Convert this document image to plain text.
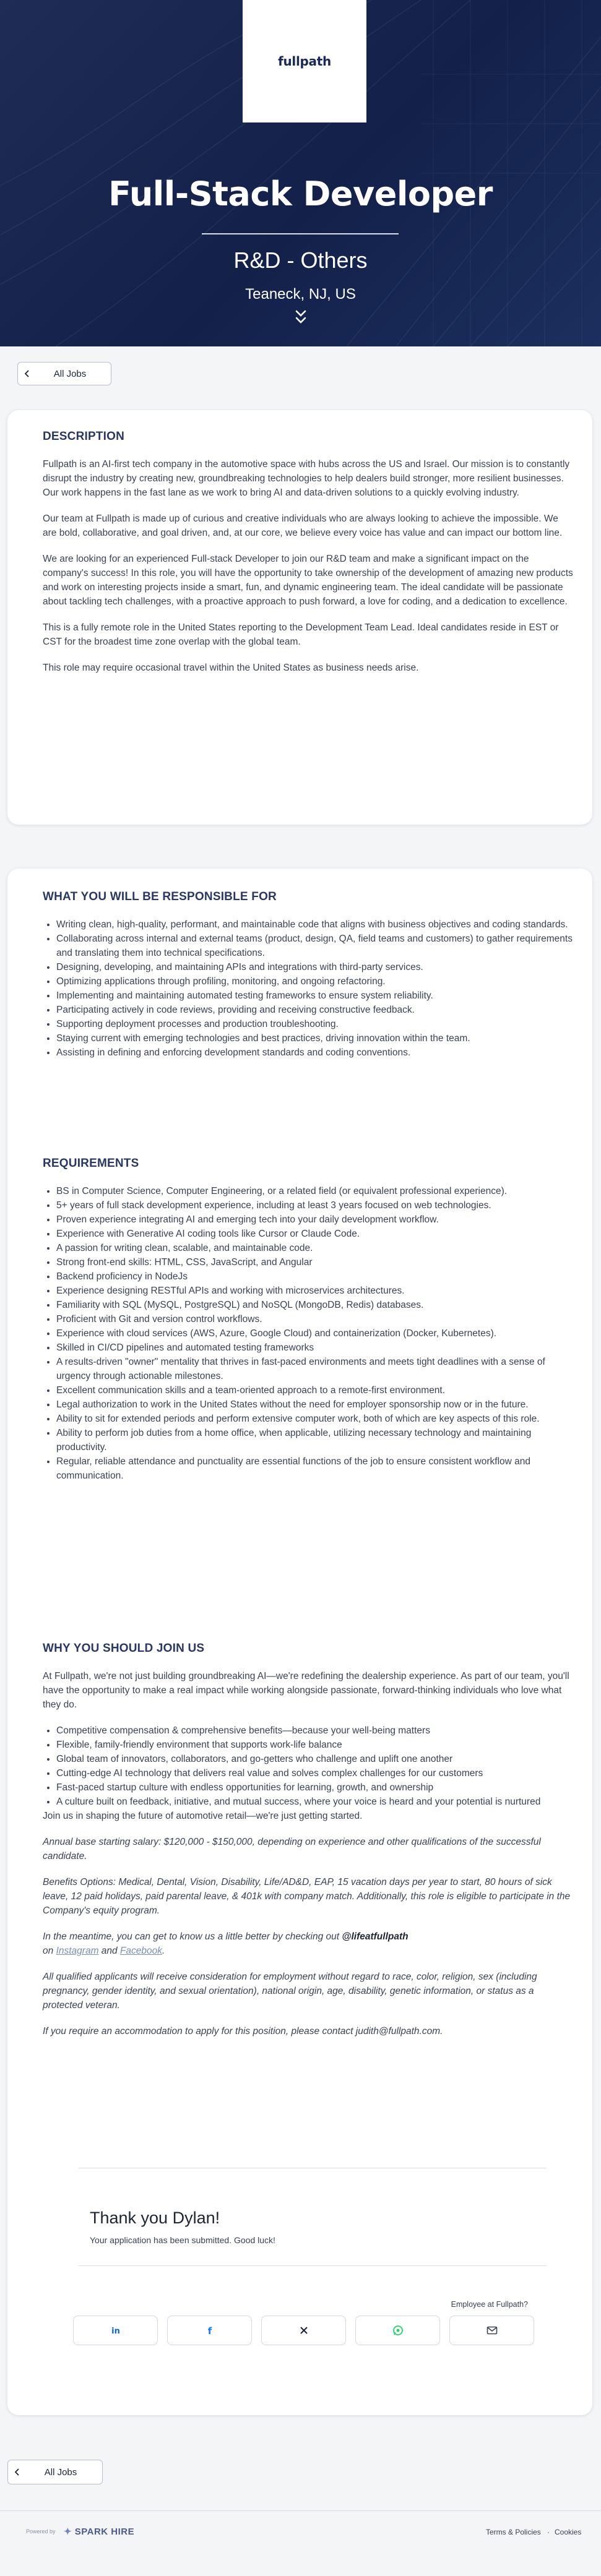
fullpath
Full-Stack Developer
R&D - Others
Teaneck, NJ, US
All Jobs
DESCRIPTION

Fullpath is an AI-first tech company in the automotive space with hubs across the US and Israel. Our mission is to constantly disrupt the industry by creating new, groundbreaking technologies to help dealers build stronger, more resilient businesses. Our work happens in the fast lane as we work to bring AI and data-driven solutions to a quickly evolving industry.

Our team at Fullpath is made up of curious and creative individuals who are always looking to achieve the impossible. We are bold, collaborative, and goal driven, and, at our core, we believe every voice has value and can impact our bottom line.

We are looking for an experienced Full-stack Developer to join our R&D team and make a significant impact on the company's success! In this role, you will have the opportunity to take ownership of the development of amazing new products and work on interesting projects inside a smart, fun, and dynamic engineering team. The ideal candidate will be passionate about tackling tech challenges, with a proactive approach to push forward, a love for coding, and a dedication to excellence.

This is a fully remote role in the United States reporting to the Development Team Lead. Ideal candidates reside in EST or CST for the broadest time zone overlap with the global team.

This role may require occasional travel within the United States as business needs arise.

WHAT YOU WILL BE RESPONSIBLE FOR
• Writing clean, high-quality, performant, and maintainable code that aligns with business objectives and coding standards.
• Collaborating across internal and external teams (product, design, QA, field teams and customers) to gather requirements and translating them into technical specifications.
• Designing, developing, and maintaining APIs and integrations with third-party services.
• Optimizing applications through profiling, monitoring, and ongoing refactoring.
• Implementing and maintaining automated testing frameworks to ensure system reliability.
• Participating actively in code reviews, providing and receiving constructive feedback.
• Supporting deployment processes and production troubleshooting.
• Staying current with emerging technologies and best practices, driving innovation within the team.
• Assisting in defining and enforcing development standards and coding conventions.
REQUIREMENTS
• BS in Computer Science, Computer Engineering, or a related field (or equivalent professional experience).
• 5+ years of full stack development experience, including at least 3 years focused on web technologies.
• Proven experience integrating AI and emerging tech into your daily development workflow.
• Experience with Generative AI coding tools like Cursor or Claude Code.
• A passion for writing clean, scalable, and maintainable code.
• Strong front-end skills: HTML, CSS, JavaScript, and Angular
• Backend proficiency in NodeJs
• Experience designing RESTful APIs and working with microservices architectures.
• Familiarity with SQL (MySQL, PostgreSQL) and NoSQL (MongoDB, Redis) databases.
• Proficient with Git and version control workflows.
• Experience with cloud services (AWS, Azure, Google Cloud) and containerization (Docker, Kubernetes).
• Skilled in CI/CD pipelines and automated testing frameworks
• A results-driven "owner" mentality that thrives in fast-paced environments and meets tight deadlines with a sense of urgency through actionable milestones.
• Excellent communication skills and a team-oriented approach to a remote-first environment.
• Legal authorization to work in the United States without the need for employer sponsorship now or in the future.
• Ability to sit for extended periods and perform extensive computer work, both of which are key aspects of this role.
• Ability to perform job duties from a home office, when applicable, utilizing necessary technology and maintaining productivity.
• Regular, reliable attendance and punctuality are essential functions of the job to ensure consistent workflow and communication.
WHY YOU SHOULD JOIN US

At Fullpath, we're not just building groundbreaking AI—we're redefining the dealership experience. As part of our team, you'll have the opportunity to make a real impact while working alongside passionate, forward-thinking individuals who love what they do.

• Competitive compensation & comprehensive benefits—because your well-being matters
• Flexible, family-friendly environment that supports work-life balance
• Global team of innovators, collaborators, and go-getters who challenge and uplift one another
• Cutting-edge AI technology that delivers real value and solves complex challenges for our customers
• Fast-paced startup culture with endless opportunities for learning, growth, and ownership
• A culture built on feedback, initiative, and mutual success, where your voice is heard and your potential is nurtured

Join us in shaping the future of automotive retail—we're just getting started.

Annual base starting salary: $120,000 - $150,000, depending on experience and other qualifications of the successful candidate.

Benefits Options: Medical, Dental, Vision, Disability, Life/AD&D, EAP, 15 vacation days per year to start, 80 hours of sick leave, 12 paid holidays, paid parental leave, & 401k with company match. Additionally, this role is eligible to participate in the Company's equity program.

In the meantime, you can get to know us a little better by checking out @lifeatfullpath
on Instagram and Facebook.

All qualified applicants will receive consideration for employment without regard to race, color, religion, sex (including pregnancy, gender identity, and sexual orientation), national origin, age, disability, genetic information, or status as a protected veteran.

If you require an accommodation to apply for this position, please contact judith@fullpath.com.

Thank you Dylan!
Your application has been submitted. Good luck!
Employee at Fullpath?
in	f
All Jobs
Powered by ✦ SPARK HIRE	Terms & Policies · Cookies
